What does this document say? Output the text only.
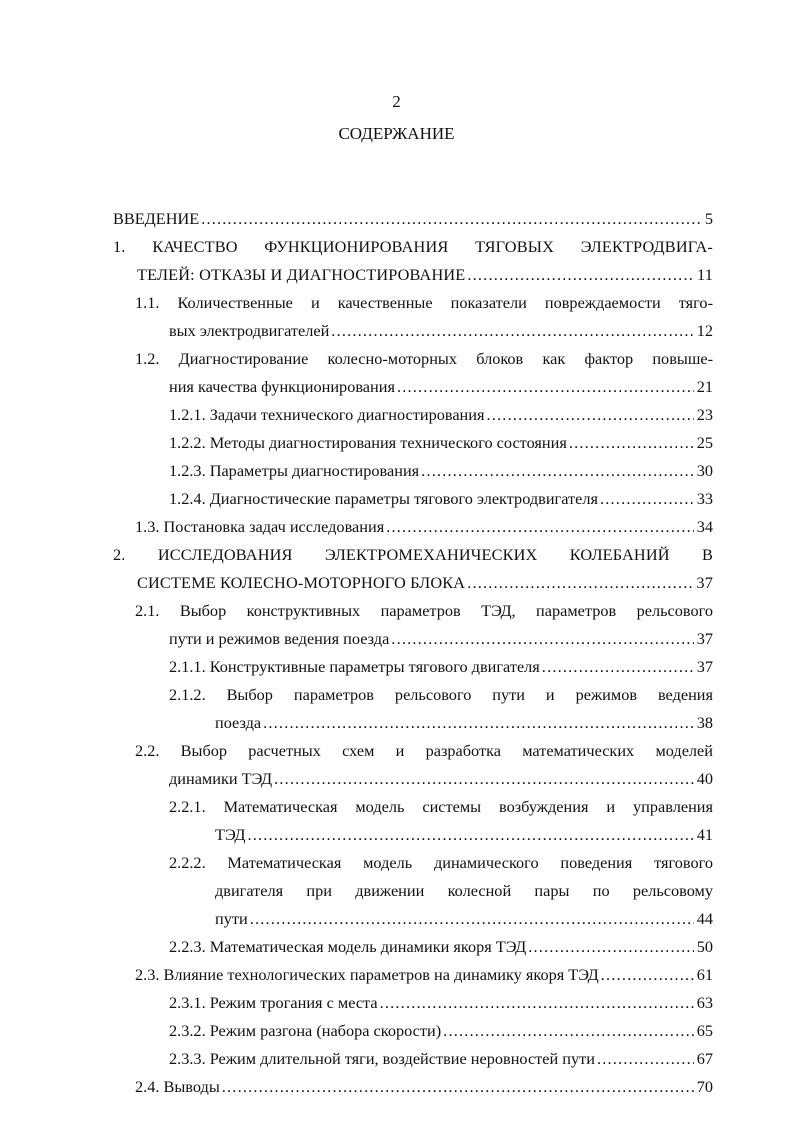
2
СОДЕРЖАНИЕ
ВВЕДЕНИЕ .....	5
1. КАЧЕСТВО ФУНКЦИОНИРОВАНИЯ ТЯГОВЫХ ЭЛЕКТРОДВИГА-
ТЕЛЕЙ: ОТКАЗЫ И ДИАГНОСТИРОВАНИЕ .....	11
1.1. Количественные и качественные показатели повреждаемости тяго-
вых электродвигателей .....	12
1.2. Диагностирование колесно-моторных блоков как фактор повыше-
ния качества функционирования .....	21
1.2.1. Задачи технического диагностирования .....	23
1.2.2. Методы диагностирования технического состояния .....	25
1.2.3. Параметры диагностирования .....	30
1.2.4. Диагностические параметры тягового электродвигателя .....	33
1.3. Постановка задач исследования .....	34
2. ИССЛЕДОВАНИЯ ЭЛЕКТРОМЕХАНИЧЕСКИХ КОЛЕБАНИЙ В
СИСТЕМЕ КОЛЕСНО-МОТОРНОГО БЛОКА .....	37
2.1. Выбор конструктивных параметров ТЭД, параметров рельсового
пути и режимов ведения поезда .....	37
2.1.1. Конструктивные параметры тягового двигателя .....	37
2.1.2. Выбор параметров рельсового пути и режимов ведения
поезда .....	38
2.2. Выбор расчетных схем и разработка математических моделей
динамики ТЭД .....	40
2.2.1. Математическая модель системы возбуждения и управления
ТЭД .....	41
2.2.2. Математическая модель динамического поведения тягового
двигателя при движении колесной пары по рельсовому
пути .....	44
2.2.3. Математическая модель динамики якоря ТЭД .....	50
2.3. Влияние технологических параметров на динамику якоря ТЭД .....	61
2.3.1. Режим трогания с места .....	63
2.3.2. Режим разгона (набора скорости) .....	65
2.3.3. Режим длительной тяги, воздействие неровностей пути .....	67
2.4. Выводы .....	70
